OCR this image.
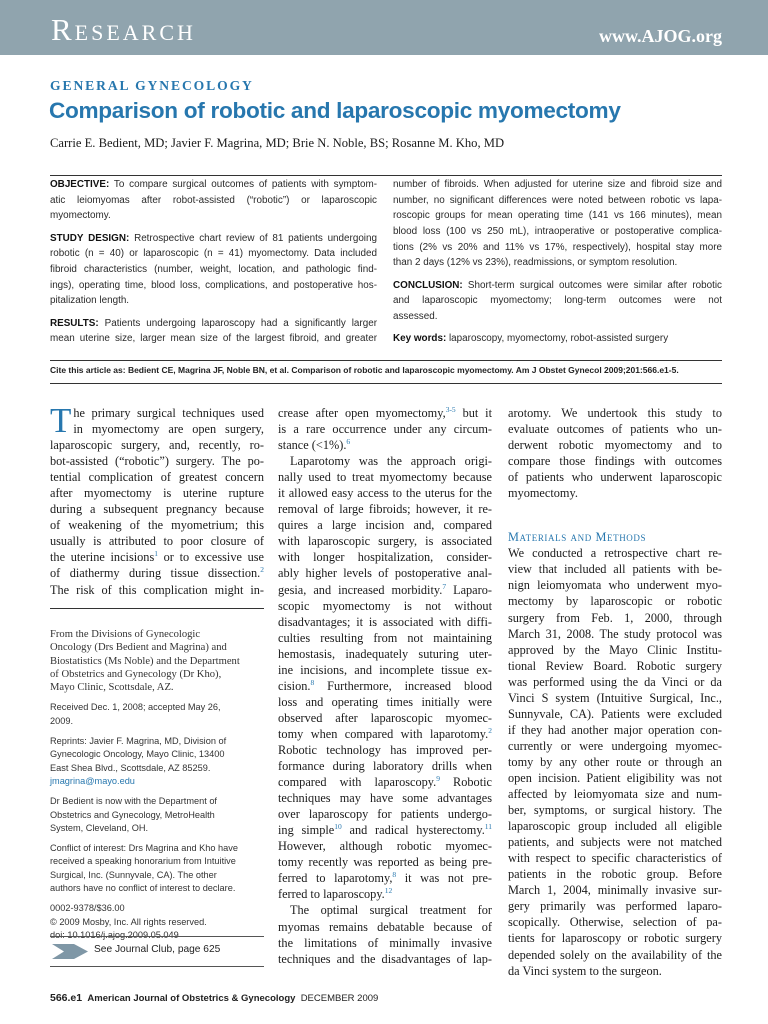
Research	www.AJOG.org
GENERAL GYNECOLOGY
Comparison of robotic and laparoscopic myomectomy
Carrie E. Bedient, MD; Javier F. Magrina, MD; Brie N. Noble, BS; Rosanne M. Kho, MD
OBJECTIVE: To compare surgical outcomes of patients with symptom-
atic leiomyomas after robot-assisted (“robotic”) or laparoscopic
myomectomy.
STUDY DESIGN: Retrospective chart review of 81 patients undergoing
robotic (n = 40) or laparoscopic (n = 41) myomectomy. Data included
fibroid characteristics (number, weight, location, and pathologic find-
ings), operating time, blood loss, complications, and postoperative hos-
pitalization length.
RESULTS: Patients undergoing laparoscopy had a significantly larger
mean uterine size, larger mean size of the largest fibroid, and greater
number of fibroids. When adjusted for uterine size and fibroid size and
number, no significant differences were noted between robotic vs lapa-
roscopic groups for mean operating time (141 vs 166 minutes), mean
blood loss (100 vs 250 mL), intraoperative or postoperative complica-
tions (2% vs 20% and 11% vs 17%, respectively), hospital stay more
than 2 days (12% vs 23%), readmissions, or symptom resolution.
CONCLUSION: Short-term surgical outcomes were similar after robotic
and laparoscopic myomectomy; long-term outcomes were not
assessed.
Key words: laparoscopy, myomectomy, robot-assisted surgery
Cite this article as: Bedient CE, Magrina JF, Noble BN, et al. Comparison of robotic and laparoscopic myomectomy. Am J Obstet Gynecol 2009;201:566.e1-5.
T he primary surgical techniques used
in myomectomy are open surgery,
laparoscopic surgery, and, recently, ro-
bot-assisted (“robotic”) surgery. The po-
tential complication of greatest concern
after myomectomy is uterine rupture
during a subsequent pregnancy because
of weakening of the myometrium; this
usually is attributed to poor closure of
the uterine incisions$^1$ or to excessive use
of diathermy during tissue dissection.$^2$
The risk of this complication might in-
From the Divisions of Gynecologic
Oncology (Drs Bedient and Magrina) and
Biostatistics (Ms Noble) and the Department
of Obstetrics and Gynecology (Dr Kho),
Mayo Clinic, Scottsdale, AZ.
Received Dec. 1, 2008; accepted May 26,
2009.
Reprints: Javier F. Magrina, MD, Division of
Gynecologic Oncology, Mayo Clinic, 13400
East Shea Blvd., Scottsdale, AZ 85259.
jmagrina@mayo.edu
Dr Bedient is now with the Department of
Obstetrics and Gynecology, MetroHealth
System, Cleveland, OH.
Conflict of interest: Drs Magrina and Kho have
received a speaking honorarium from Intuitive
Surgical, Inc. (Sunnyvale, CA). The other
authors have no conflict of interest to declare.
0002-9378/$36.00
© 2009 Mosby, Inc. All rights reserved.
doi: 10.1016/j.ajog.2009.05.049
See Journal Club, page 625
crease after open myomectomy,$^{3-5}$ but it
is a rare occurrence under any circum-
stance (<1%).$^6$
Laparotomy was the approach origi-
nally used to treat myomectomy because
it allowed easy access to the uterus for the
removal of large fibroids; however, it re-
quires a large incision and, compared
with laparoscopic surgery, is associated
with longer hospitalization, consider-
ably higher levels of postoperative anal-
gesia, and increased morbidity.$^7$ Laparo-
scopic myomectomy is not without
disadvantages; it is associated with diffi-
culties resulting from not maintaining
hemostasis, inadequately suturing uter-
ine incisions, and incomplete tissue ex-
cision.$^8$ Furthermore, increased blood
loss and operating times initially were
observed after laparoscopic myomec-
tomy when compared with laparotomy.$^2$
Robotic technology has improved per-
formance during laboratory drills when
compared with laparoscopy.$^9$ Robotic
techniques may have some advantages
over laparoscopy for patients undergo-
ing simple$^{10}$ and radical hysterectomy.$^{11}$
However, although robotic myomec-
tomy recently was reported as being pre-
ferred to laparotomy,$^8$ it was not pre-
ferred to laparoscopy.$^{12}$
The optimal surgical treatment for
myomas remains debatable because of
the limitations of minimally invasive
techniques and the disadvantages of lap-
arotomy. We undertook this study to
evaluate outcomes of patients who un-
derwent robotic myomectomy and to
compare those findings with outcomes
of patients who underwent laparoscopic
myomectomy.
Materials and Methods
We conducted a retrospective chart re-
view that included all patients with be-
nign leiomyomata who underwent myo-
mectomy by laparoscopic or robotic
surgery from Feb. 1, 2000, through
March 31, 2008. The study protocol was
approved by the Mayo Clinic Institu-
tional Review Board. Robotic surgery
was performed using the da Vinci or da
Vinci S system (Intuitive Surgical, Inc.,
Sunnyvale, CA). Patients were excluded
if they had another major operation con-
currently or were undergoing myomec-
tomy by any other route or through an
open incision. Patient eligibility was not
affected by leiomyomata size and num-
ber, symptoms, or surgical history. The
laparoscopic group included all eligible
patients, and subjects were not matched
with respect to specific characteristics of
patients in the robotic group. Before
March 1, 2004, minimally invasive sur-
gery primarily was performed laparo-
scopically. Otherwise, selection of pa-
tients for laparoscopy or robotic surgery
depended solely on the availability of the
da Vinci system to the surgeon.
566.e1 American Journal of Obstetrics & Gynecology DECEMBER 2009
